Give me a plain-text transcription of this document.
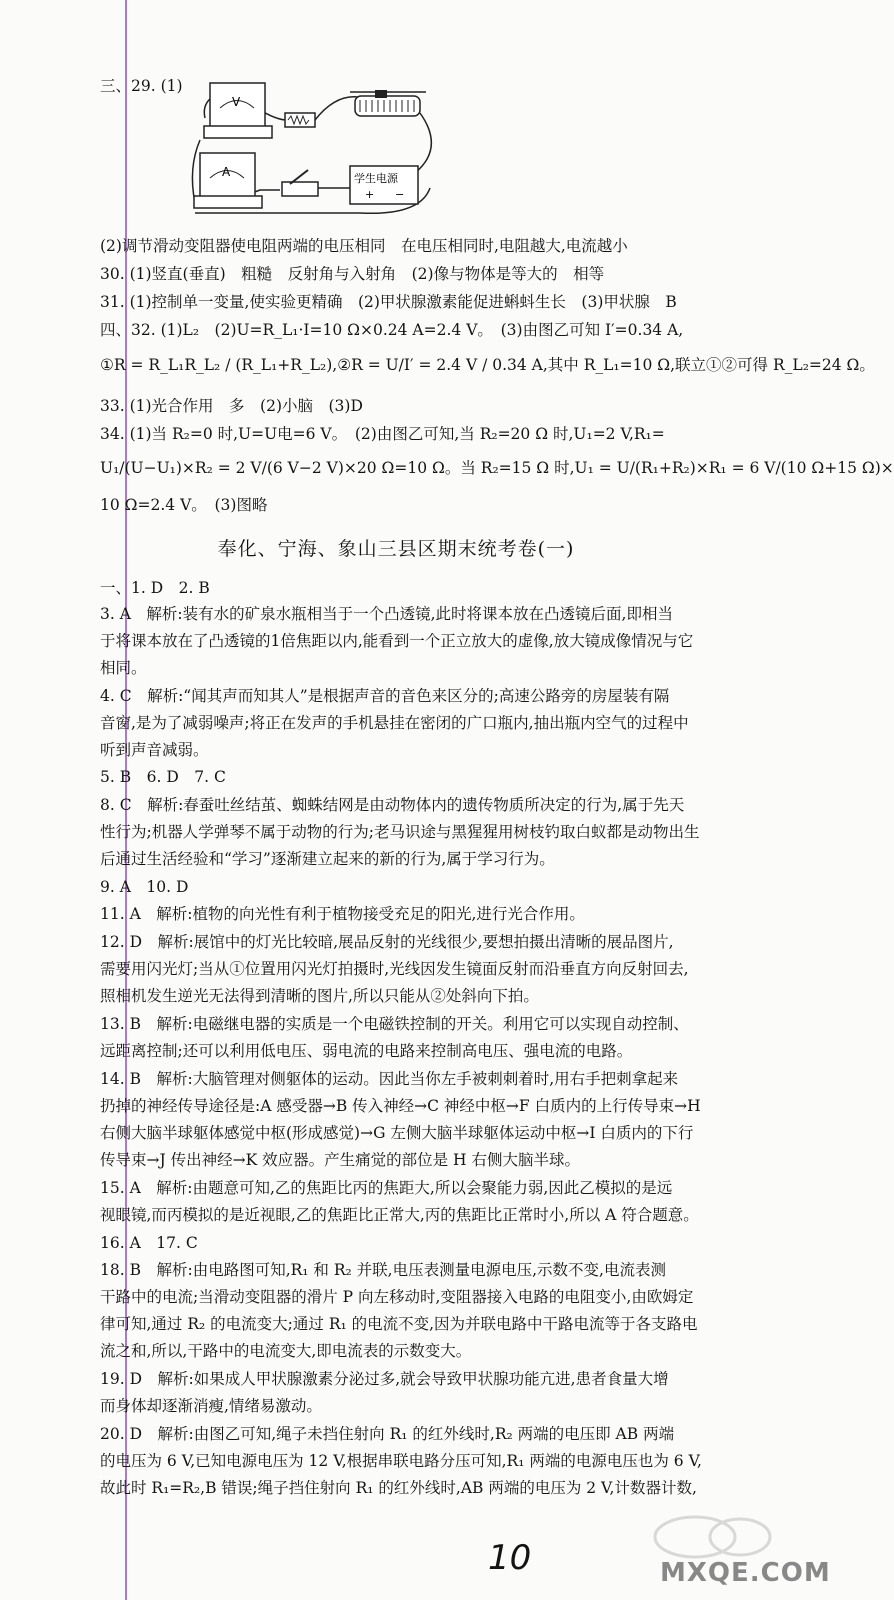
三、29. (1)
(2)调节滑动变阻器使电阻两端的电压相同　在电压相同时,电阻越大,电流越小
30. (1)竖直(垂直)　粗糙　反射角与入射角　(2)像与物体是等大的　相等
31. (1)控制单一变量,使实验更精确　(2)甲状腺激素能促进蝌蚪生长　(3)甲状腺　B
四、32. (1)L₂　(2)U=R_L₁·I=10 Ω×0.24 A=2.4 V。　(3)由图乙可知 I′=0.34 A,
①R = R_L₁R_L₂ / (R_L₁+R_L₂),②R = U/I′ = 2.4 V / 0.34 A,其中 R_L₁=10 Ω,联立①②可得 R_L₂=24 Ω。
33. (1)光合作用　多　(2)小脑　(3)D
34. (1)当 R₂=0 时,U=U电=6 V。　(2)由图乙可知,当 R₂=20 Ω 时,U₁=2 V,R₁=
U₁/(U−U₁)×R₂ = 2 V/(6 V−2 V)×20 Ω=10 Ω。当 R₂=15 Ω 时,U₁ = U/(R₁+R₂)×R₁ = 6 V/(10 Ω+15 Ω)×
10 Ω=2.4 V。　(3)图略
一、1. D　2. B
3. A　解析:装有水的矿泉水瓶相当于一个凸透镜,此时将课本放在凸透镜后面,即相当
于将课本放在了凸透镜的1倍焦距以内,能看到一个正立放大的虚像,放大镜成像情况与它
相同。
4. C　解析:“闻其声而知其人”是根据声音的音色来区分的;高速公路旁的房屋装有隔
音窗,是为了减弱噪声;将正在发声的手机悬挂在密闭的广口瓶内,抽出瓶内空气的过程中
听到声音减弱。
5. B　6. D　7. C
8. C　解析:春蚕吐丝结茧、蜘蛛结网是由动物体内的遗传物质所决定的行为,属于先天
性行为;机器人学弹琴不属于动物的行为;老马识途与黑猩猩用树枝钓取白蚁都是动物出生
后通过生活经验和“学习”逐渐建立起来的新的行为,属于学习行为。
9. A　10. D
11. A　解析:植物的向光性有利于植物接受充足的阳光,进行光合作用。
12. D　解析:展馆中的灯光比较暗,展品反射的光线很少,要想拍摄出清晰的展品图片,
需要用闪光灯;当从①位置用闪光灯拍摄时,光线因发生镜面反射而沿垂直方向反射回去,
照相机发生逆光无法得到清晰的图片,所以只能从②处斜向下拍。
13. B　解析:电磁继电器的实质是一个电磁铁控制的开关。利用它可以实现自动控制、
远距离控制;还可以利用低电压、弱电流的电路来控制高电压、强电流的电路。
14. B　解析:大脑管理对侧躯体的运动。因此当你左手被刺刺着时,用右手把刺拿起来
扔掉的神经传导途径是:A 感受器→B 传入神经→C 神经中枢→F 白质内的上行传导束→H
右侧大脑半球躯体感觉中枢(形成感觉)→G 左侧大脑半球躯体运动中枢→I 白质内的下行
传导束→J 传出神经→K 效应器。产生痛觉的部位是 H 右侧大脑半球。
15. A　解析:由题意可知,乙的焦距比丙的焦距大,所以会聚能力弱,因此乙模拟的是远
视眼镜,而丙模拟的是近视眼,乙的焦距比正常大,丙的焦距比正常时小,所以 A 符合题意。
16. A　17. C
18. B　解析:由电路图可知,R₁ 和 R₂ 并联,电压表测量电源电压,示数不变,电流表测
干路中的电流;当滑动变阻器的滑片 P 向左移动时,变阻器接入电路的电阻变小,由欧姆定
律可知,通过 R₂ 的电流变大;通过 R₁ 的电流不变,因为并联电路中干路电流等于各支路电
流之和,所以,干路中的电流变大,即电流表的示数变大。
19. D　解析:如果成人甲状腺激素分泌过多,就会导致甲状腺功能亢进,患者食量大增
而身体却逐渐消瘦,情绪易激动。
20. D　解析:由图乙可知,绳子未挡住射向 R₁ 的红外线时,R₂ 两端的电压即 AB 两端
的电压为 6 V,已知电源电压为 12 V,根据串联电路分压可知,R₁ 两端的电源电压也为 6 V,
故此时 R₁=R₂,B 错误;绳子挡住射向 R₁ 的红外线时,AB 两端的电压为 2 V,计数器计数,
V
A	学生电源
+ −
奉化、宁海、象山三县区期末统考卷(一)
10	MXQE.COM
